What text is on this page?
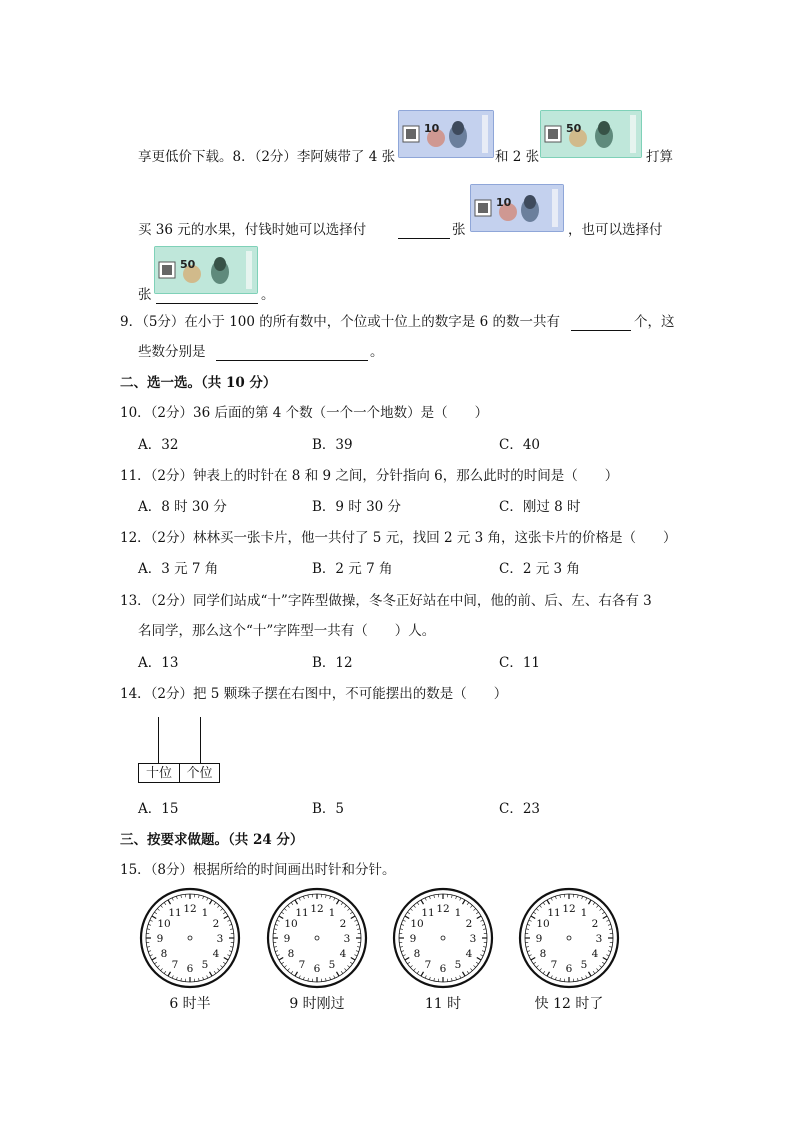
享更低价下载。8．（2分）李阿姨带了 4 张
10
和 2 张
50
打算
买 36 元的水果，付钱时她可以选择付	张
10
，也可以选择付
50
张	。
9．（5分）在小于 100 的所有数中，个位或十位上的数字是 6 的数一共有	个，这
些数分别是	。
二、选一选。（共 10 分）
10．（2分）36 后面的第 4 个数（一个一个地数）是（　　）
A．32	B．39	C．40
11．（2分）钟表上的时针在 8 和 9 之间，分针指向 6，那么此时的时间是（　　）
A．8 时 30 分	B．9 时 30 分	C．刚过 8 时
12．（2分）林林买一张卡片，他一共付了 5 元，找回 2 元 3 角，这张卡片的价格是（　　）
A．3 元 7 角	B．2 元 7 角	C．2 元 3 角
13．（2分）同学们站成“十”字阵型做操，冬冬正好站在中间，他的前、后、左、右各有 3
名同学，那么这个“十”字阵型一共有（　　）人。
A．13	B．12	C．11
14．（2分）把 5 颗珠子摆在右图中，不可能摆出的数是（　　）
十位	个位
A．15	B．5	C．23
三、按要求做题。（共 24 分）
15．（8分）根据所给的时间画出时针和分针。
12 1
2
3
4
5
6
7
8
9
10
11	12 1
2
3
4
5
6
7
8
9
10
11	12 1
2
3
4
5
6
7
8
9
10
11	12 1
2
3
4
5
6
7
8
9
10
11
6 时半	9 时刚过	11 时	快 12 时了
